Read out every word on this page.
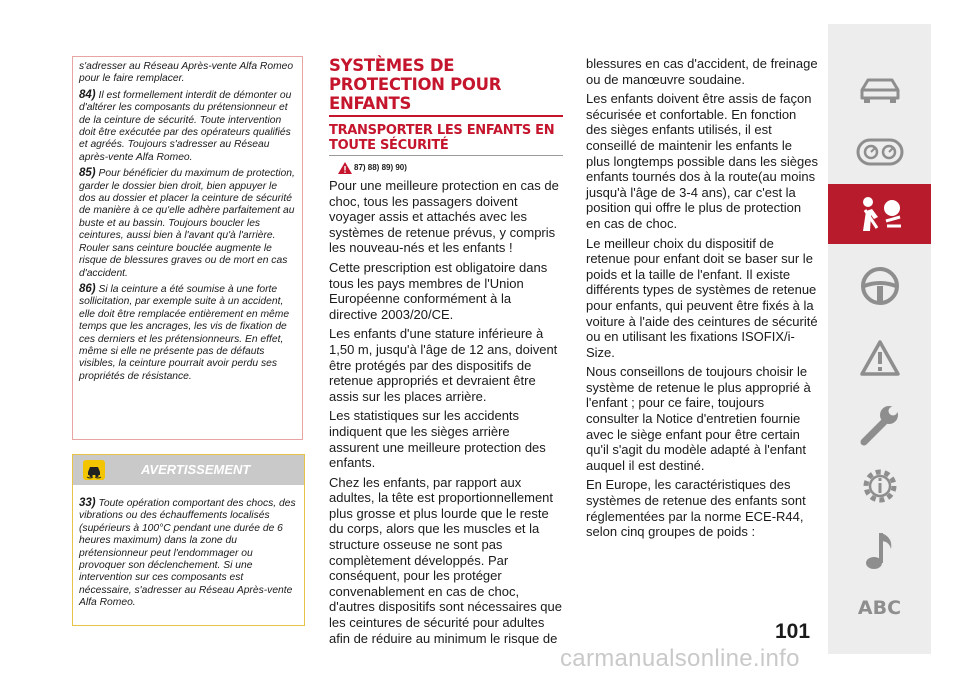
s'adresser au Réseau Après-vente Alfa Romeo pour le faire remplacer.

84) Il est formellement interdit de démonter ou d'altérer les composants du prétensionneur et de la ceinture de sécurité. Toute intervention doit être exécutée par des opérateurs qualifiés et agréés. Toujours s'adresser au Réseau après-vente Alfa Romeo.

85) Pour bénéficier du maximum de protection, garder le dossier bien droit, bien appuyer le dos au dossier et placer la ceinture de sécurité de manière à ce qu'elle adhère parfaitement au buste et au bassin. Toujours boucler les ceintures, aussi bien à l'avant qu'à l'arrière. Rouler sans ceinture bouclée augmente le risque de blessures graves ou de mort en cas d'accident.

86) Si la ceinture a été soumise à une forte sollicitation, par exemple suite à un accident, elle doit être remplacée entièrement en même temps que les ancrages, les vis de fixation de ces derniers et les prétensionneurs. En effet, même si elle ne présente pas de défauts visibles, la ceinture pourrait avoir perdu ses propriétés de résistance.

AVERTISSEMENT

33) Toute opération comportant des chocs, des vibrations ou des échauffements localisés (supérieurs à 100°C pendant une durée de 6 heures maximum) dans la zone du prétensionneur peut l'endommager ou provoquer son déclenchement. Si une intervention sur ces composants est nécessaire, s'adresser au Réseau Après-vente Alfa Romeo.

SYSTÈMES DE PROTECTION POUR ENFANTS
TRANSPORTER LES ENFANTS EN TOUTE SÉCURITÉ
87) 88) 89) 90)

Pour une meilleure protection en cas de choc, tous les passagers doivent voyager assis et attachés avec les systèmes de retenue prévus, y compris les nouveau-nés et les enfants !

Cette prescription est obligatoire dans tous les pays membres de l'Union Européenne conformément à la directive 2003/20/CE.

Les enfants d'une stature inférieure à 1,50 m, jusqu'à l'âge de 12 ans, doivent être protégés par des dispositifs de retenue appropriés et devraient être assis sur les places arrière.

Les statistiques sur les accidents indiquent que les sièges arrière assurent une meilleure protection des enfants.

Chez les enfants, par rapport aux adultes, la tête est proportionnellement plus grosse et plus lourde que le reste du corps, alors que les muscles et la structure osseuse ne sont pas complètement développés. Par conséquent, pour les protéger convenablement en cas de choc, d'autres dispositifs sont nécessaires que les ceintures de sécurité pour adultes afin de réduire au minimum le risque de

blessures en cas d'accident, de freinage ou de manœuvre soudaine.

Les enfants doivent être assis de façon sécurisée et confortable. En fonction des sièges enfants utilisés, il est conseillé de maintenir les enfants le plus longtemps possible dans les sièges enfants tournés dos à la route(au moins jusqu'à l'âge de 3-4 ans), car c'est la position qui offre le plus de protection en cas de choc.

Le meilleur choix du dispositif de retenue pour enfant doit se baser sur le poids et la taille de l'enfant. Il existe différents types de systèmes de retenue pour enfants, qui peuvent être fixés à la voiture à l'aide des ceintures de sécurité ou en utilisant les fixations ISOFIX/i-Size.

Nous conseillons de toujours choisir le système de retenue le plus approprié à l'enfant ; pour ce faire, toujours consulter la Notice d'entretien fournie avec le siège enfant pour être certain qu'il s'agit du modèle adapté à l'enfant auquel il est destiné.

En Europe, les caractéristiques des systèmes de retenue des enfants sont réglementées par la norme ECE-R44, selon cinq groupes de poids :

101
ABC
carmanualsonline.info
